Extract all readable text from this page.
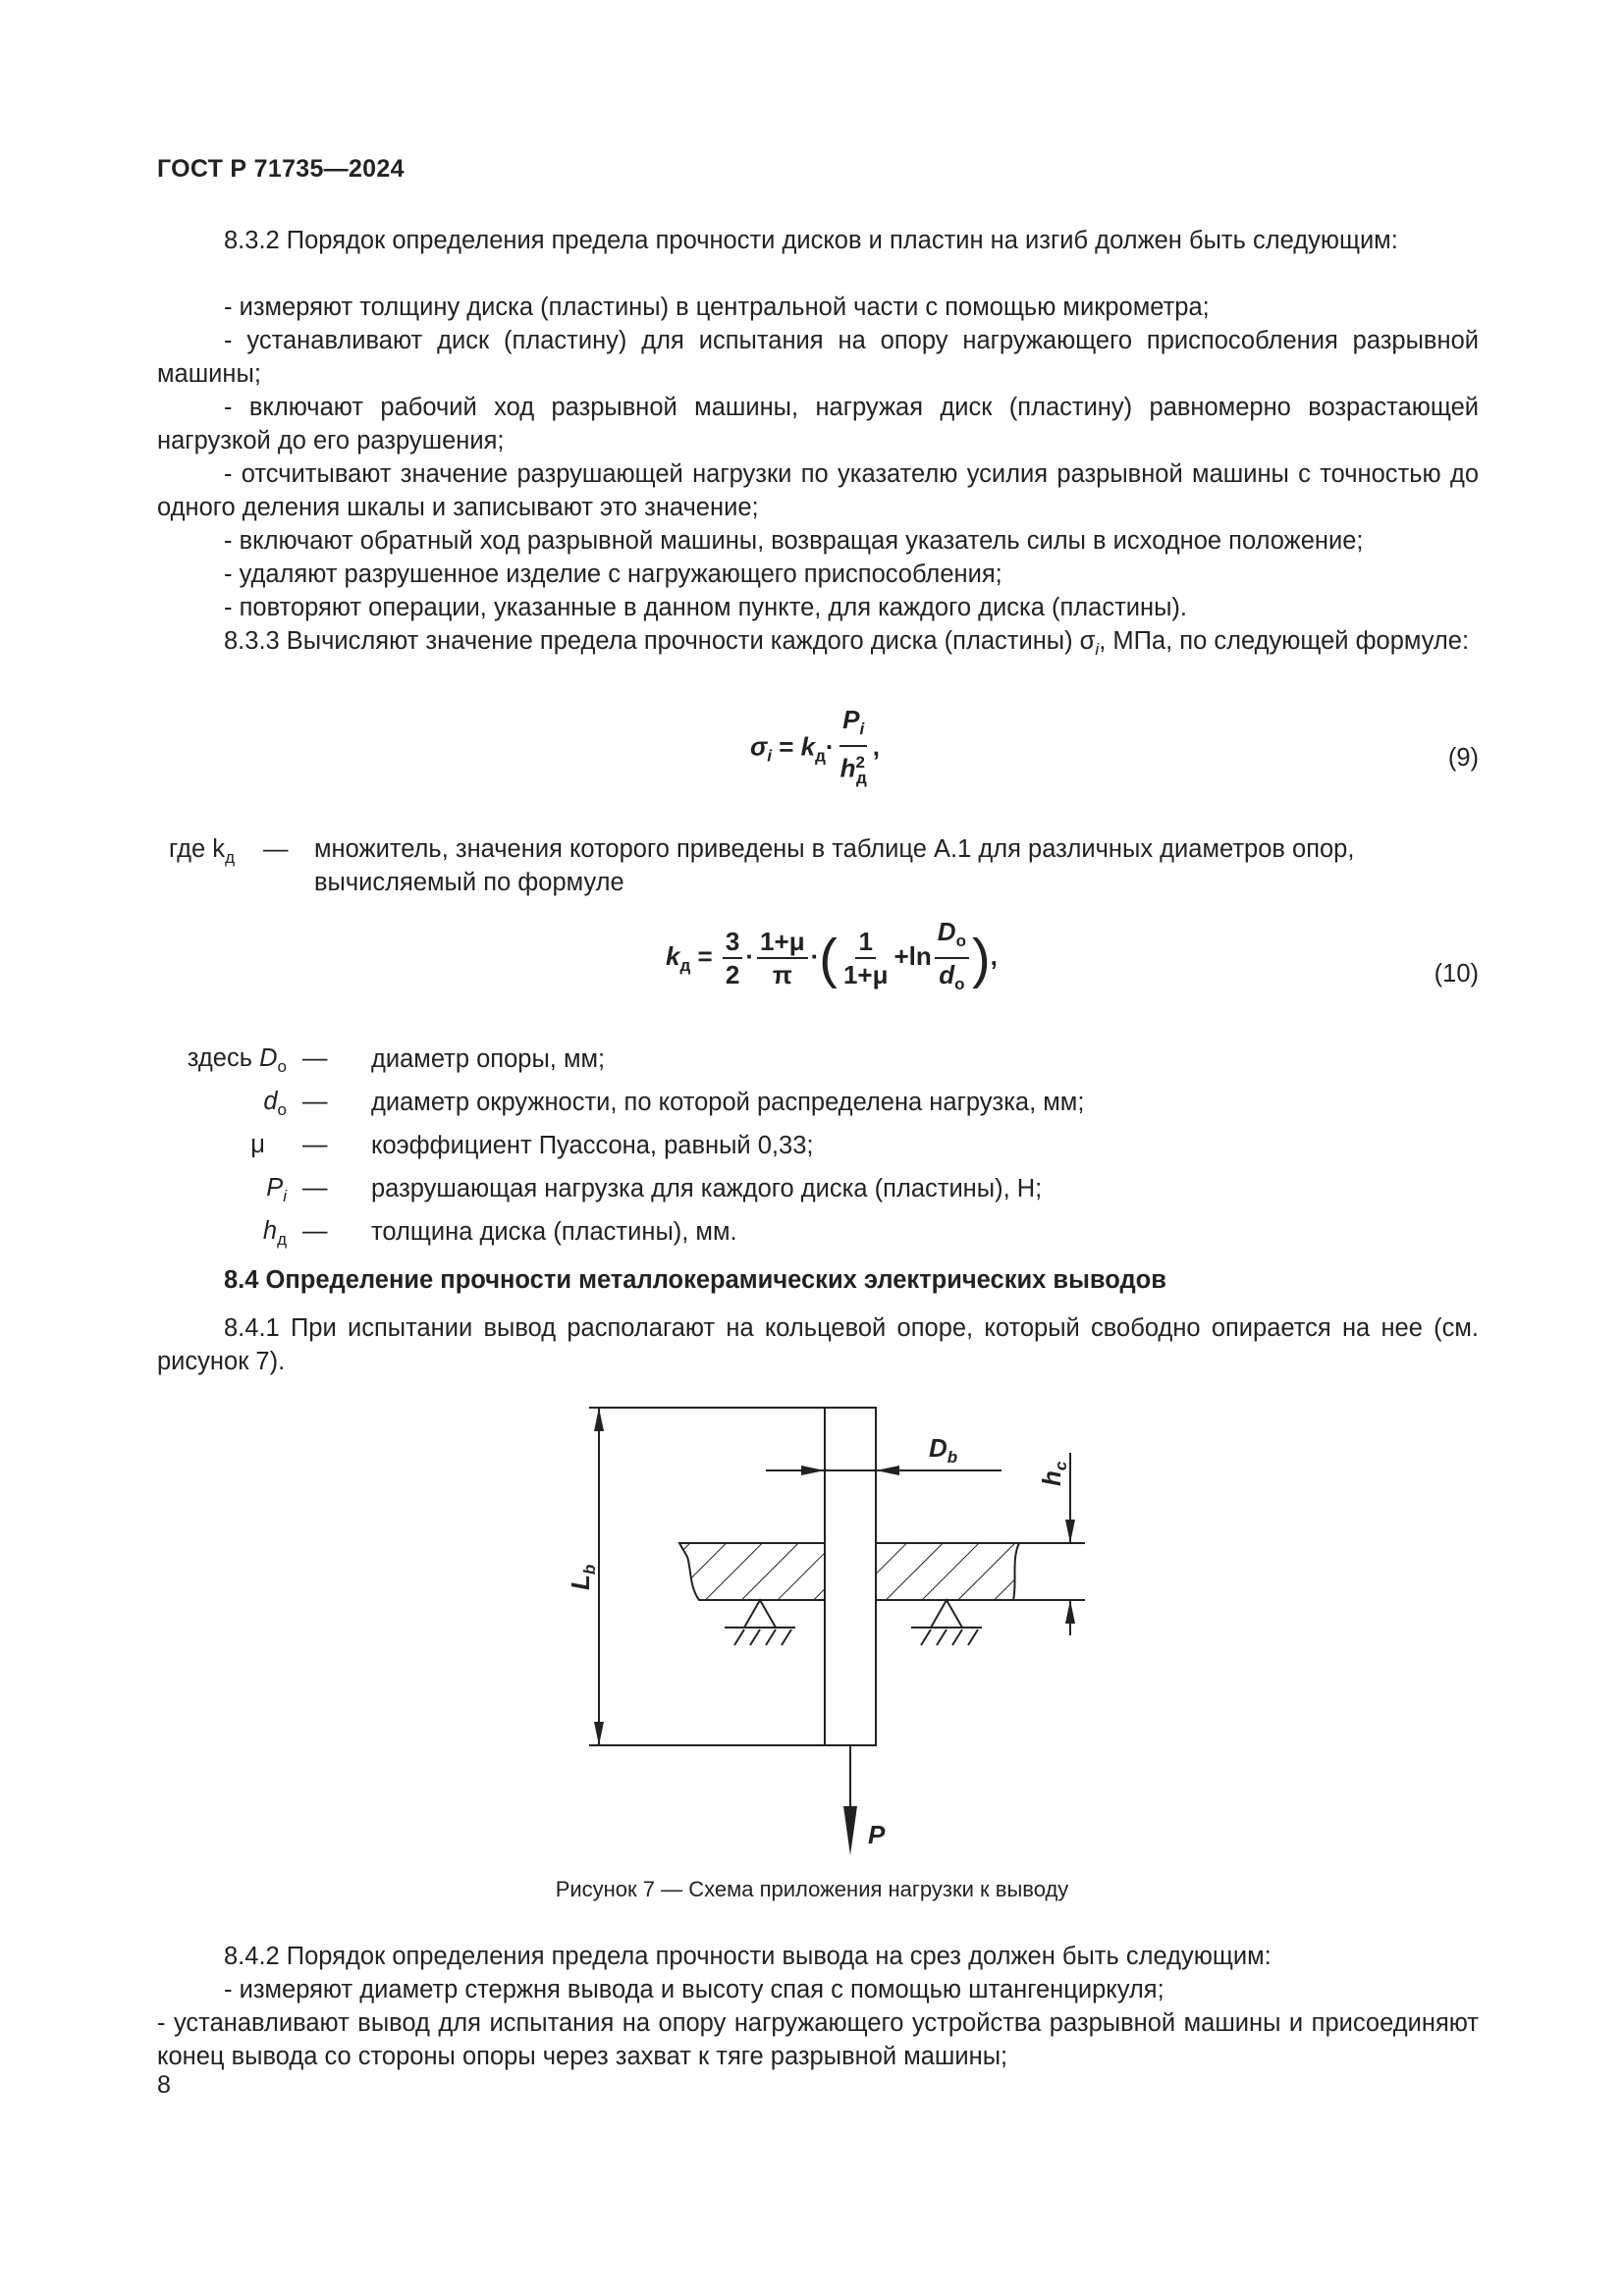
ГОСТ Р 71735—2024
8.3.2 Порядок определения предела прочности дисков и пластин на изгиб должен быть следующим:
- измеряют толщину диска (пластины) в центральной части с помощью микрометра;
- устанавливают диск (пластину) для испытания на опору нагружающего приспособления разрывной машины;
- включают рабочий ход разрывной машины, нагружая диск (пластину) равномерно возрастающей нагрузкой до его разрушения;
- отсчитывают значение разрушающей нагрузки по указателю усилия разрывной машины с точностью до одного деления шкалы и записывают это значение;
- включают обратный ход разрывной машины, возвращая указатель силы в исходное положение;
- удаляют разрушенное изделие с нагружающего приспособления;
- повторяют операции, указанные в данном пункте, для каждого диска (пластины).
8.3.3 Вычисляют значение предела прочности каждого диска (пластины) $\sigma_i$, МПа, по следующей формуле:
$\sigma_i = k_д\cdot \frac{P_i}{h^2_д}$ ,	(9)
где $k_д$ — множитель, значения которого приведены в таблице А.1 для различных диаметров опор,
вычисляемый по формуле
$k_д = \frac{3}{2} \cdot \frac{1+\mu}{\pi}$ ·( $\frac{1}{1+\mu} +\ln \frac{D_o}{d_o}$ ),
(10)
здесь $D_o$ — диаметр опоры, мм;
$d_o$ — диаметр окружности, по которой распределена нагрузка, мм;
μ — коэффициент Пуассона, равный 0,33;
$P_i$ — разрушающая нагрузка для каждого диска (пластины), Н;
$h_д$ — толщина диска (пластины), мм.
8.4 Определение прочности металлокерамических электрических выводов
8.4.1 При испытании вывод располагают на кольцевой опоре, который свободно опирается на нее (см. рисунок 7).
$L_b$
$D_b$
$h_c$
P
Рисунок 7 — Схема приложения нагрузки к выводу
8.4.2 Порядок определения предела прочности вывода на срез должен быть следующим:
- измеряют диаметр стержня вывода и высоту спая с помощью штангенциркуля;
- устанавливают вывод для испытания на опору нагружающего устройства разрывной машины и присоединяют конец вывода со стороны опоры через захват к тяге разрывной машины;
8
